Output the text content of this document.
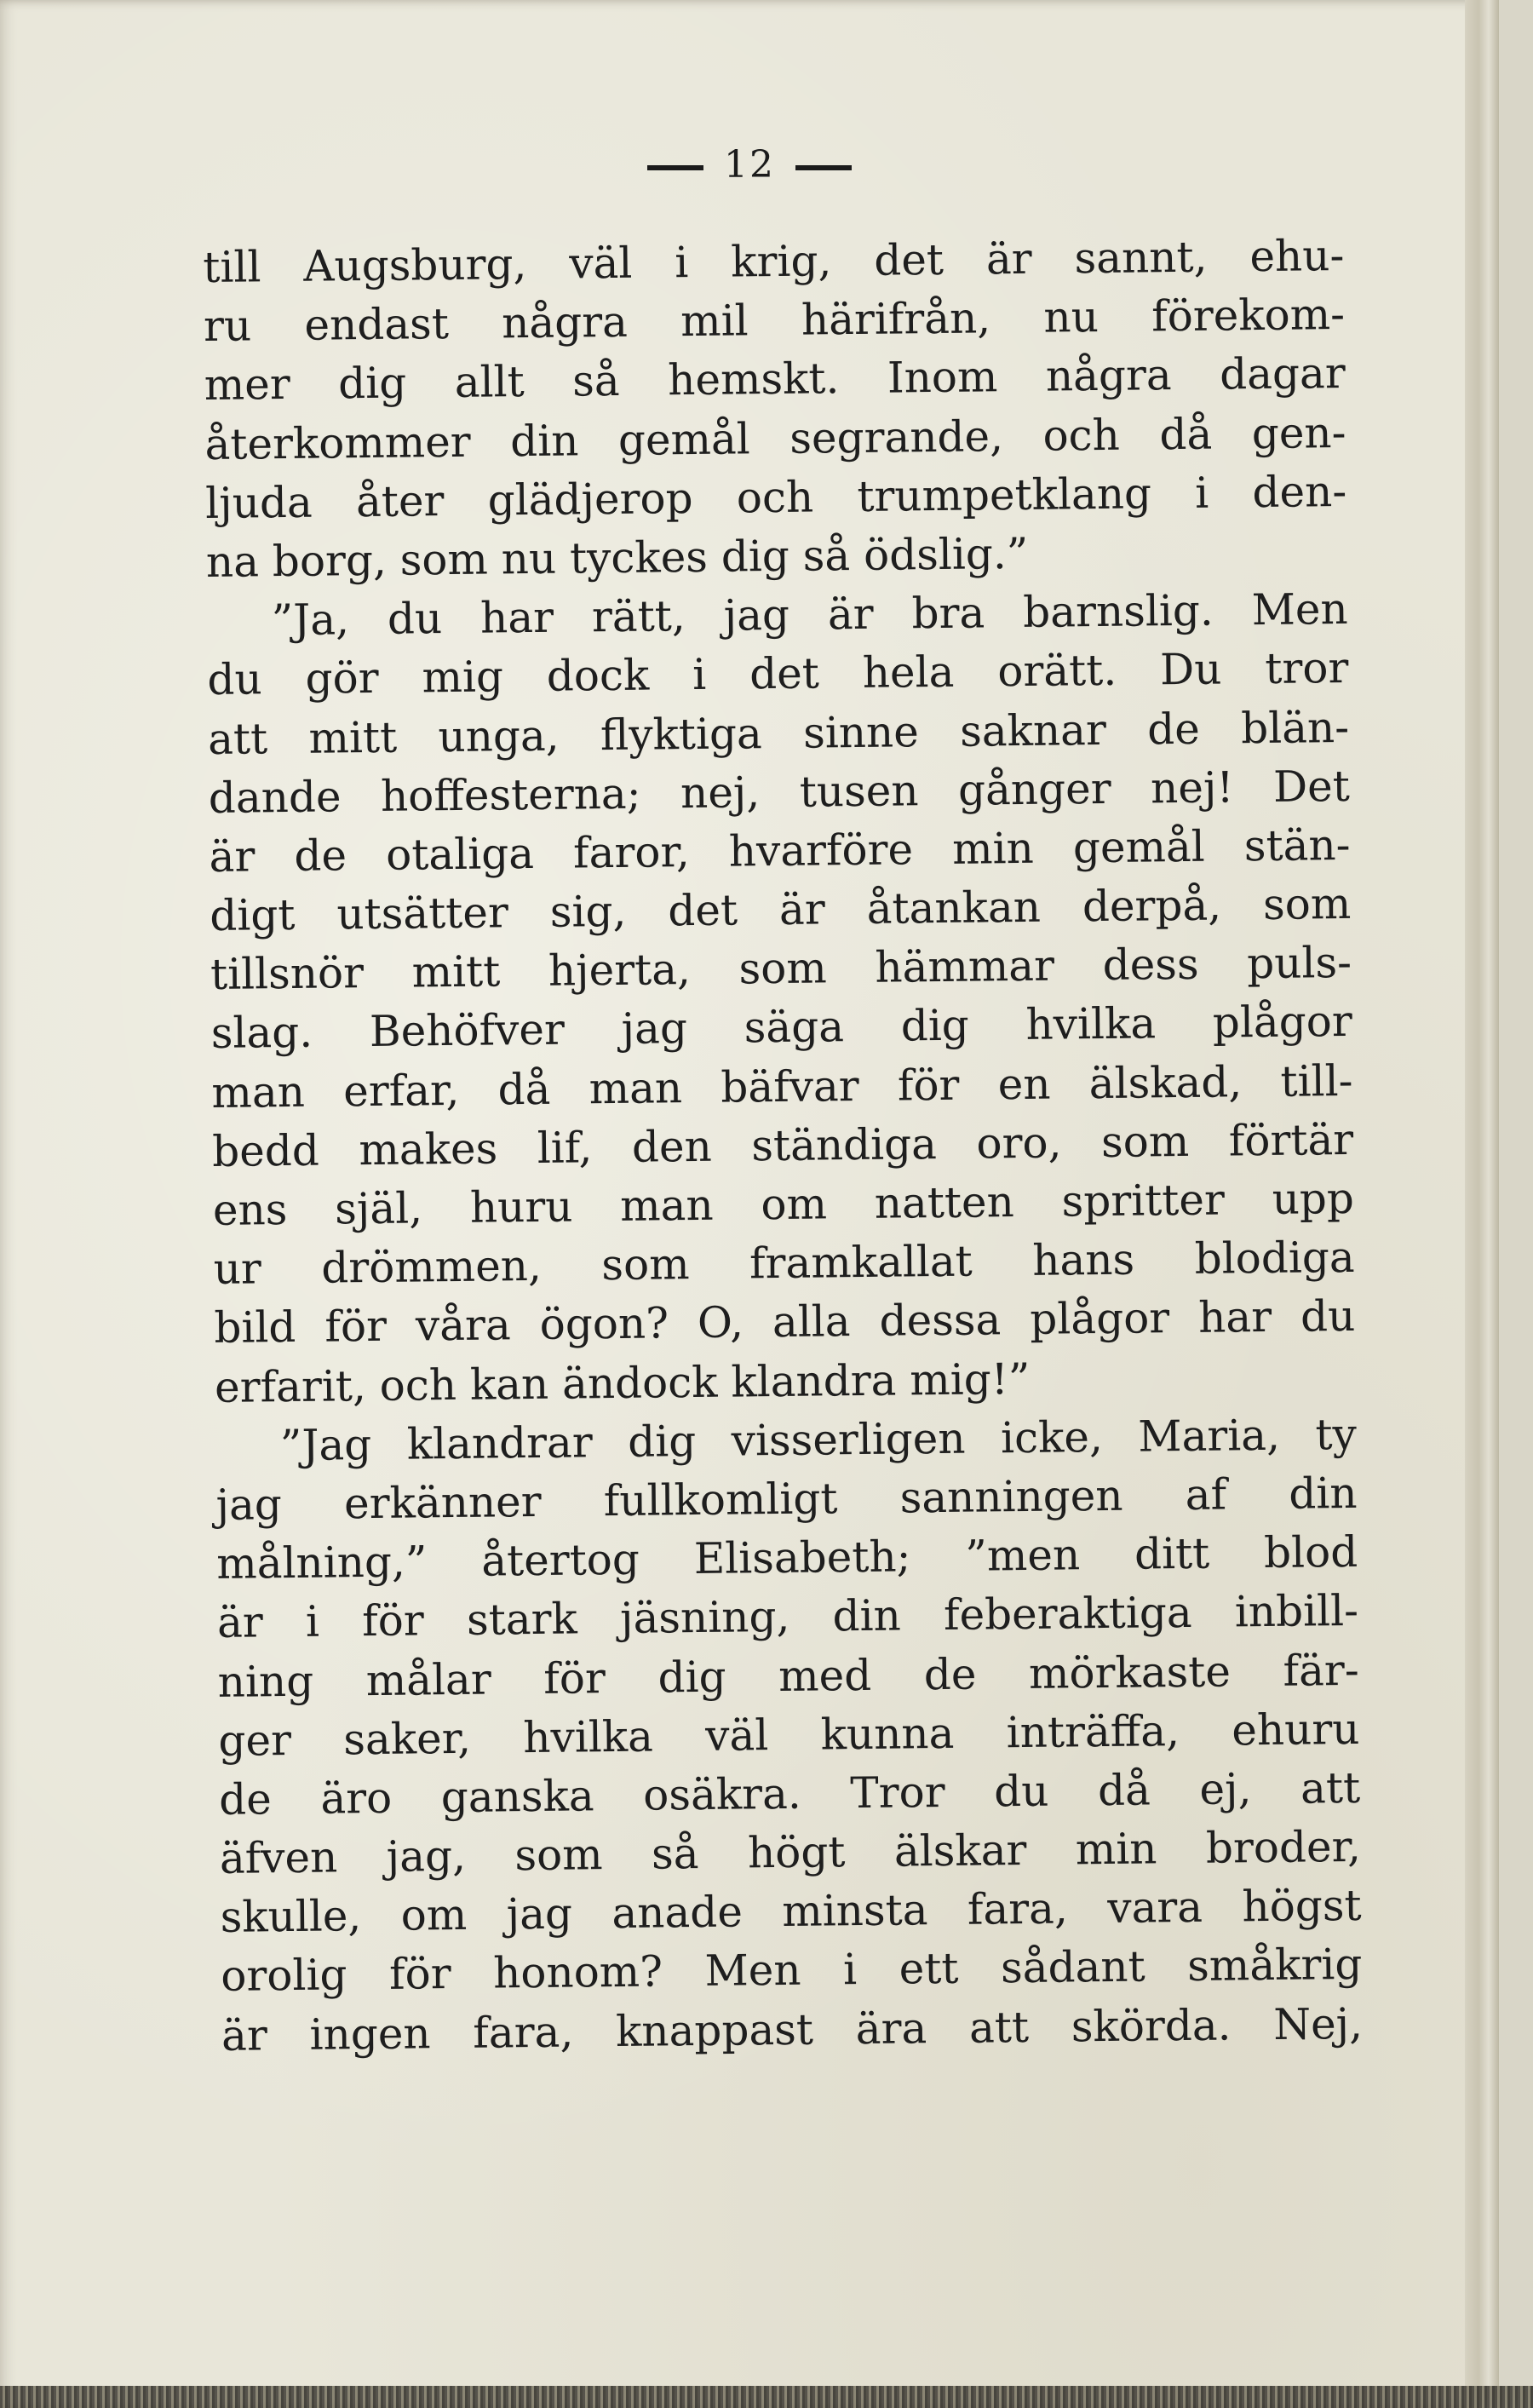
12
till Augsburg, väl i krig, det är sannt, ehu-
ru endast några mil härifrån, nu förekom-
mer dig allt så hemskt. Inom några dagar
återkommer din gemål segrande, och då gen-
ljuda åter glädjerop och trumpetklang i den-
na borg, som nu tyckes dig så ödslig.”
”Ja, du har rätt, jag är bra barnslig. Men
du gör mig dock i det hela orätt. Du tror
att mitt unga, flyktiga sinne saknar de blän-
dande hoffesterna; nej, tusen gånger nej! Det
är de otaliga faror, hvarföre min gemål stän-
digt utsätter sig, det är åtankan derpå, som
tillsnör mitt hjerta, som hämmar dess puls-
slag. Behöfver jag säga dig hvilka plågor
man erfar, då man bäfvar för en älskad, till-
bedd makes lif, den ständiga oro, som förtär
ens själ, huru man om natten spritter upp
ur drömmen, som framkallat hans blodiga
bild för våra ögon? O, alla dessa plågor har du
erfarit, och kan ändock klandra mig!”
”Jag klandrar dig visserligen icke, Maria, ty
jag erkänner fullkomligt sanningen af din
målning,” återtog Elisabeth; ”men ditt blod
är i för stark jäsning, din feberaktiga inbill-
ning målar för dig med de mörkaste fär-
ger saker, hvilka väl kunna inträffa, ehuru
de äro ganska osäkra. Tror du då ej, att
äfven jag, som så högt älskar min broder,
skulle, om jag anade minsta fara, vara högst
orolig för honom? Men i ett sådant småkrig
är ingen fara, knappast ära att skörda. Nej,
